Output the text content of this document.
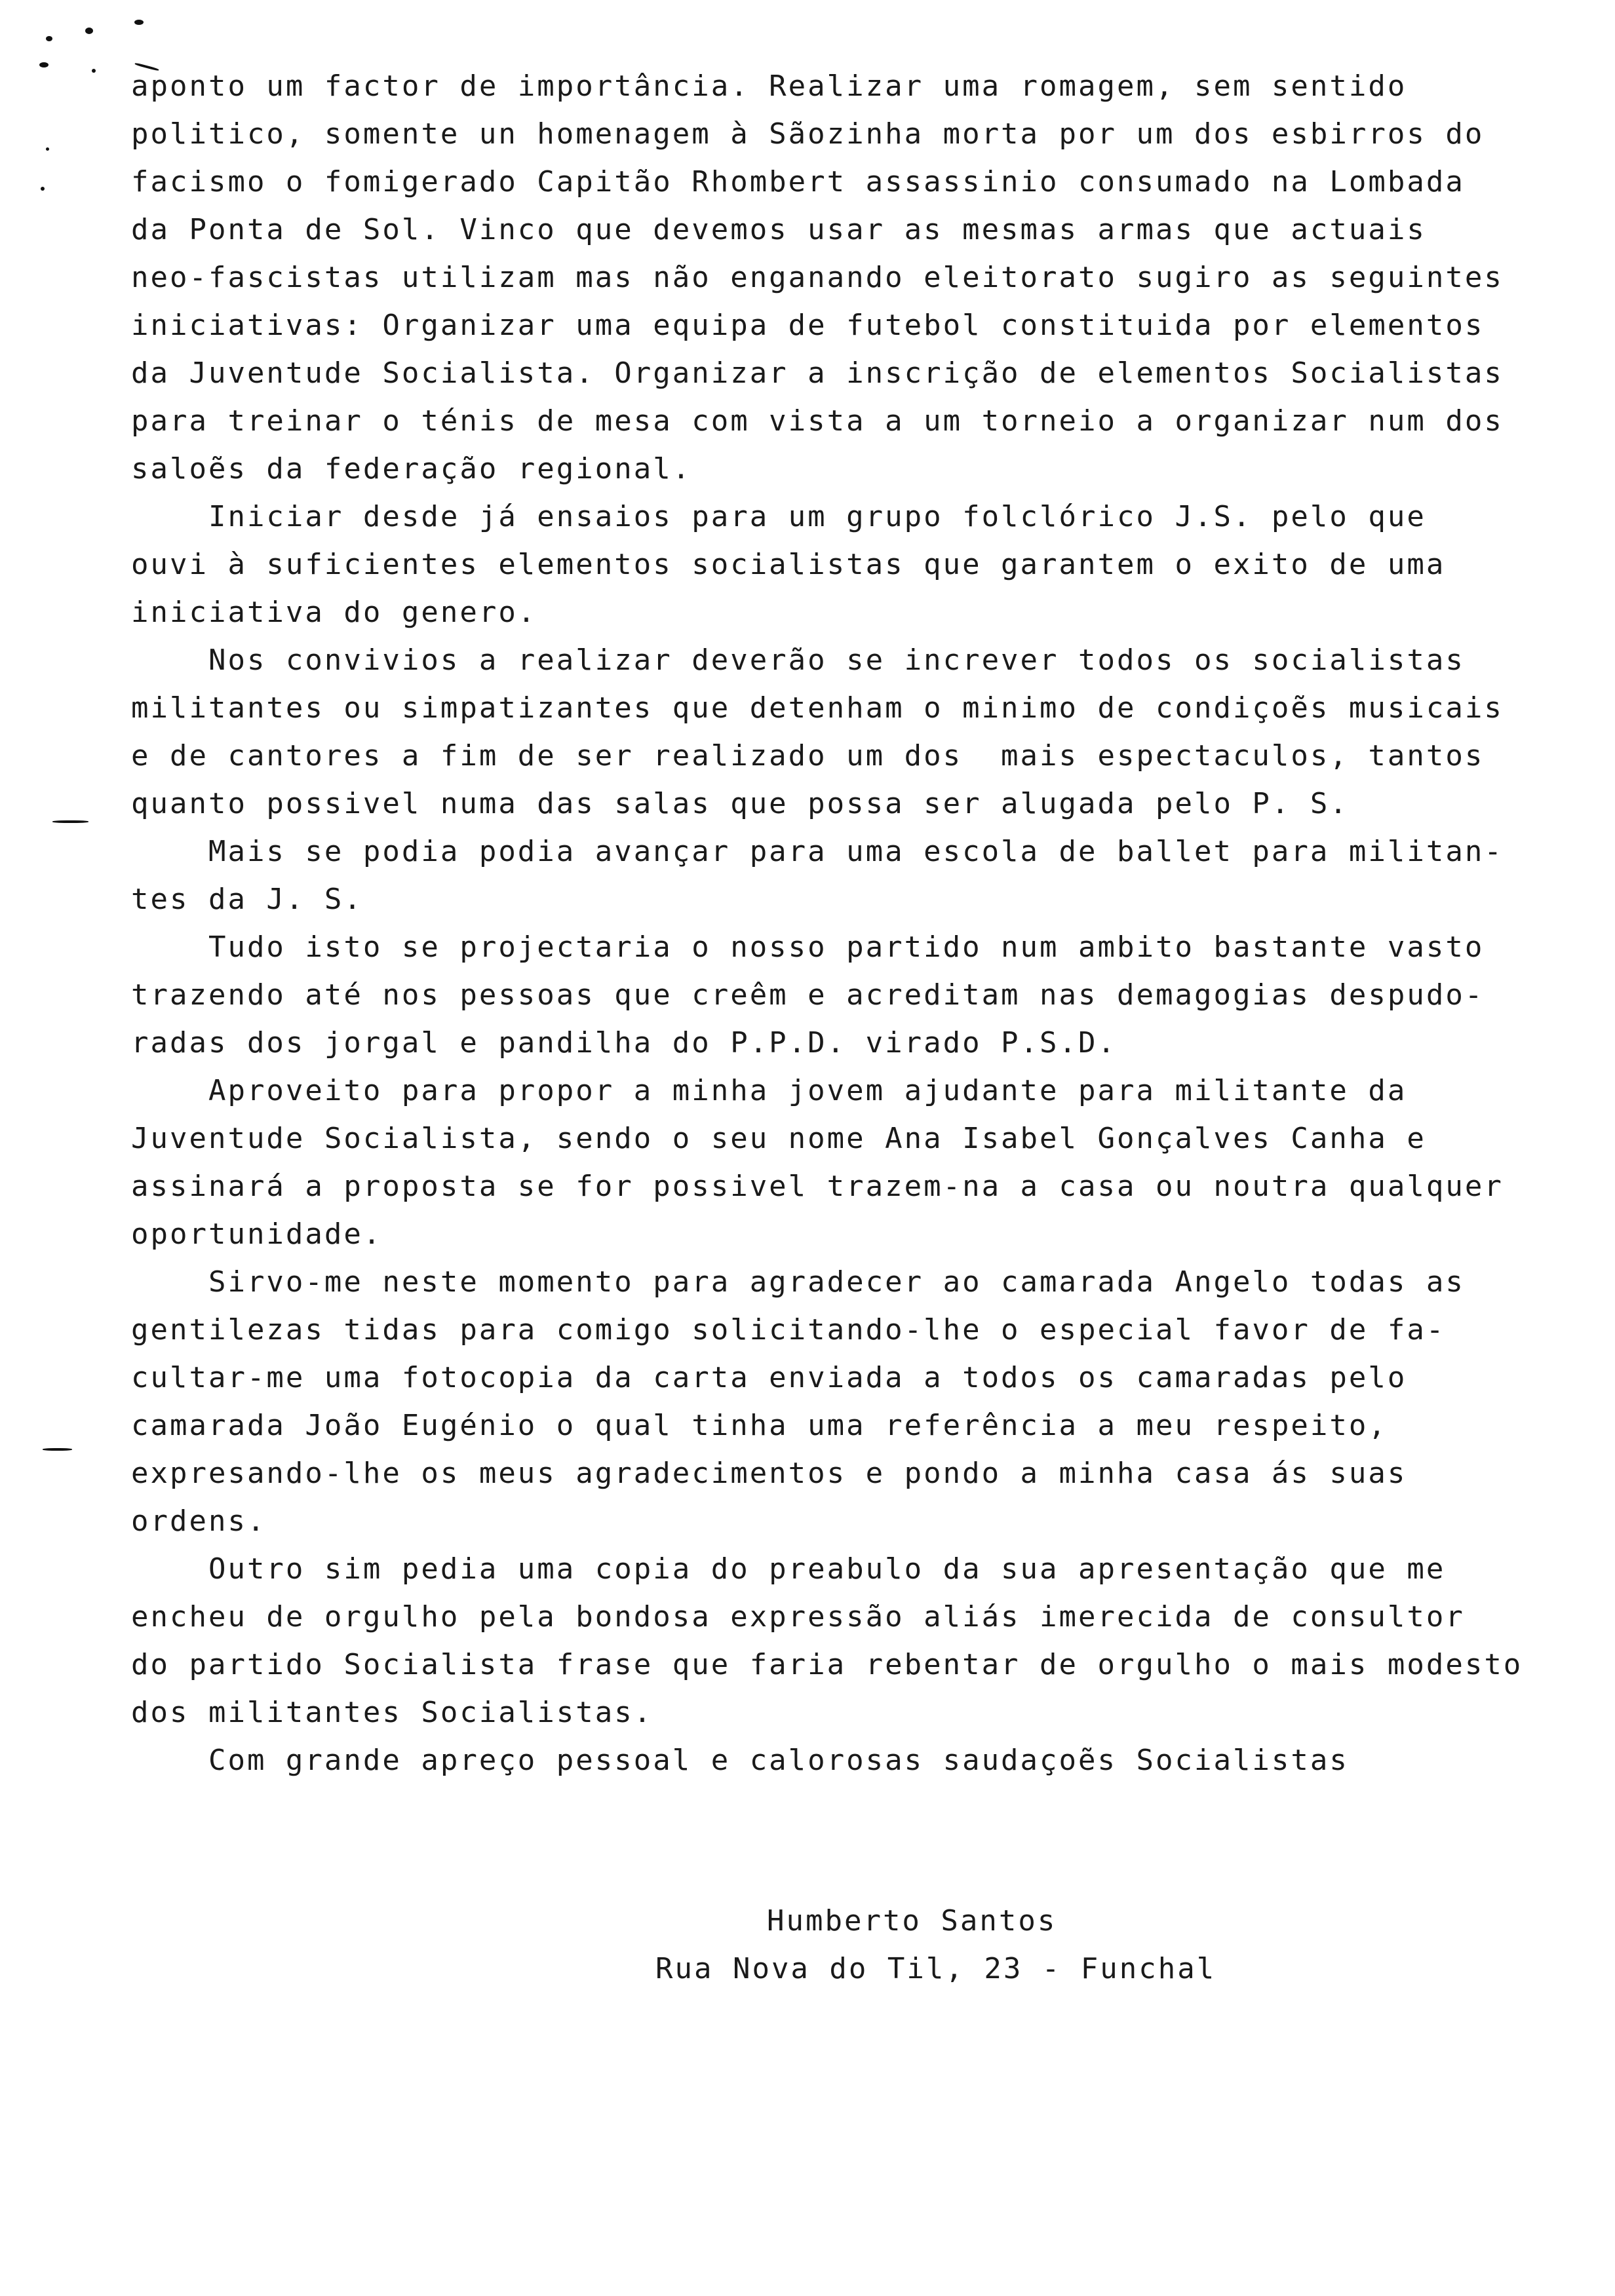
aponto um factor de importância. Realizar uma romagem, sem sentido
politico, somente un homenagem à Sãozinha morta por um dos esbirros do
facismo o fomigerado Capitão Rhombert assassinio consumado na Lombada
da Ponta de Sol. Vinco que devemos usar as mesmas armas que actuais
neo-fascistas utilizam mas não enganando eleitorato sugiro as seguintes
iniciativas: Organizar uma equipa de futebol constituida por elementos
da Juventude Socialista. Organizar a inscrição de elementos Socialistas
para treinar o ténis de mesa com vista a um torneio a organizar num dos
saloẽs da federação regional.
Iniciar desde já ensaios para um grupo folclórico J.S. pelo que
ouvi à suficientes elementos socialistas que garantem o exito de uma
iniciativa do genero.
Nos convivios a realizar deverão se increver todos os socialistas
militantes ou simpatizantes que detenham o minimo de condiçoẽs musicais
e de cantores a fim de ser realizado um dos  mais espectaculos, tantos
quanto possivel numa das salas que possa ser alugada pelo P. S.
Mais se podia podia avançar para uma escola de ballet para militan-
tes da J. S.
Tudo isto se projectaria o nosso partido num ambito bastante vasto
trazendo até nos pessoas que creêm e acreditam nas demagogias despudo-
radas dos jorgal e pandilha do P.P.D. virado P.S.D.
Aproveito para propor a minha jovem ajudante para militante da
Juventude Socialista, sendo o seu nome Ana Isabel Gonçalves Canha e
assinará a proposta se for possivel trazem-na a casa ou noutra qualquer
oportunidade.
Sirvo-me neste momento para agradecer ao camarada Angelo todas as
gentilezas tidas para comigo solicitando-lhe o especial favor de fa-
cultar-me uma fotocopia da carta enviada a todos os camaradas pelo
camarada João Eugénio o qual tinha uma referência a meu respeito,
expresando-lhe os meus agradecimentos e pondo a minha casa ás suas
ordens.
Outro sim pedia uma copia do preabulo da sua apresentação que me
encheu de orgulho pela bondosa expressão aliás imerecida de consultor
do partido Socialista frase que faria rebentar de orgulho o mais modesto
dos militantes Socialistas.
Com grande apreço pessoal e calorosas saudaçoẽs Socialistas
Humberto Santos
Rua Nova do Til, 23 - Funchal
